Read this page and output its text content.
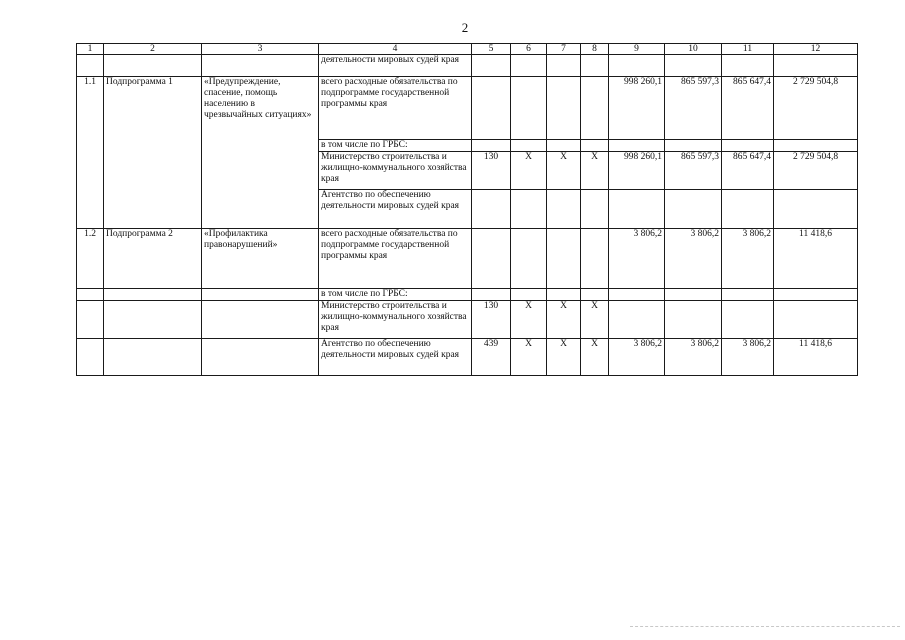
2
1	2	3	4	5	6	7	8	9	10	11	12
			деятельности мировых судей края								
1.1	Подпрограмма 1	«Предупреждение, спасение, помощь населению в чрезвычайных ситуациях»	всего расходные обязательства по подпрограмме государственной программы края					998 260,1	865 597,3	865 647,4	2 729 504,8
			в том числе по ГРБС:								
			Министерство строительства и жилищно-коммунального хозяйства края	130	Х	Х	Х	998 260,1	865 597,3	865 647,4	2 729 504,8
			Агентство по обеспечению деятельности мировых судей края								
1.2	Подпрограмма 2	«Профилактика правонарушений»	всего расходные обязательства по подпрограмме государственной программы края					3 806,2	3 806,2	3 806,2	11 418,6
			в том числе по ГРБС:								
			Министерство строительства и жилищно-коммунального хозяйства края	130	Х	Х	Х				
			Агентство по обеспечению деятельности мировых судей края	439	Х	Х	Х	3 806,2	3 806,2	3 806,2	11 418,6
